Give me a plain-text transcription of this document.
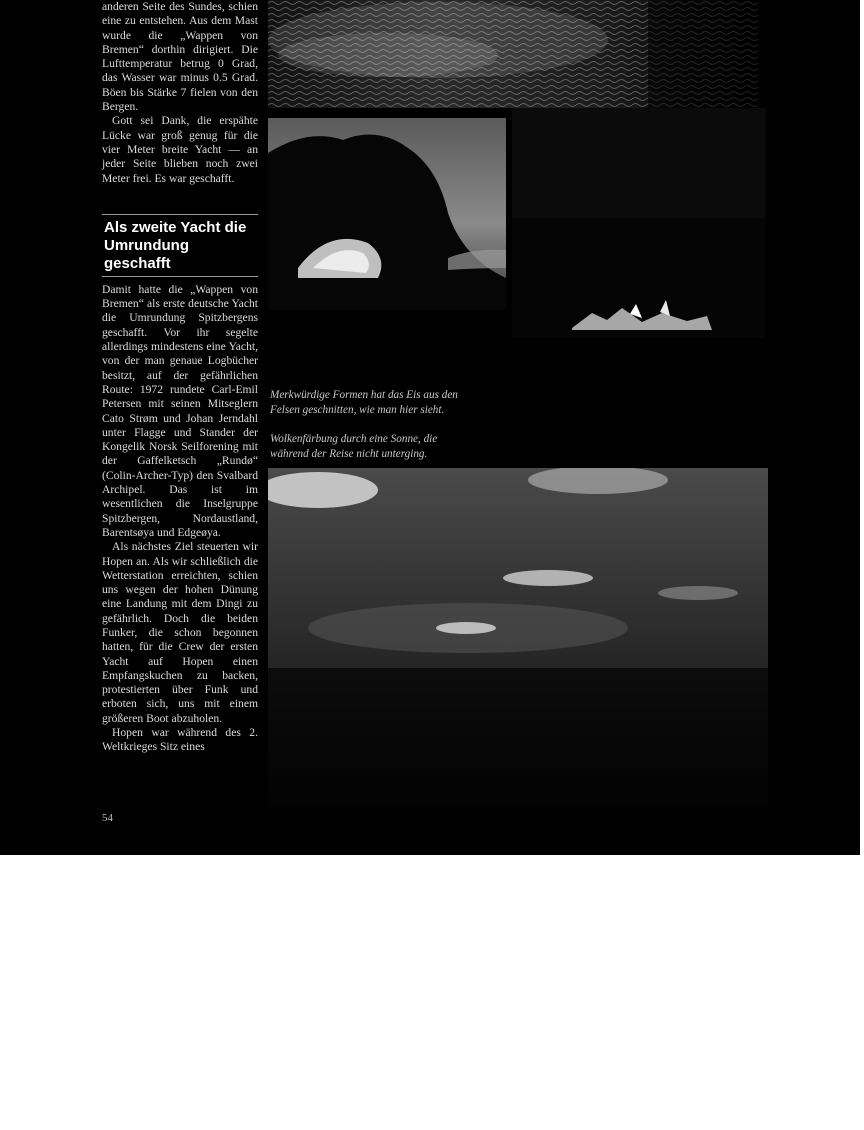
anderen Seite des Sundes, schien eine zu entstehen. Aus dem Mast wurde die „Wappen von Bremen“ dorthin dirigiert. Die Lufttemperatur betrug 0 Grad, das Wasser war minus 0.5 Grad. Böen bis Stärke 7 fielen von den Bergen.

Gott sei Dank, die erspähte Lücke war groß genug für die vier Meter breite Yacht — an jeder Seite blieben noch zwei Meter frei. Es war geschafft.

Als zweite Yacht die
Umrundung geschafft

Damit hatte die „Wappen von Bremen“ als erste deutsche Yacht die Umrundung Spitzbergens geschafft. Vor ihr segelte allerdings mindestens eine Yacht, von der man genaue Logbücher besitzt, auf der gefährlichen Route: 1972 rundete Carl-Emil Petersen mit seinen Mitseglern Cato Strøm und Johan Jerndahl unter Flagge und Stander der Kongelik Norsk Seilforening mit der Gaffelketsch „Rundø“ (Colin-Archer-Typ) den Svalbard Archipel. Das ist im wesentlichen die Inselgruppe Spitzbergen, Nordaustland, Barentsøya und Edgeøya.

Als nächstes Ziel steuerten wir Hopen an. Als wir schließlich die Wetterstation erreichten, schien uns wegen der hohen Dünung eine Landung mit dem Dingi zu gefährlich. Doch die beiden Funker, die schon begonnen hatten, für die Crew der ersten Yacht auf Hopen einen Empfangskuchen zu backen, protestierten über Funk und erboten sich, uns mit einem größeren Boot abzuholen.

Hopen war während des 2. Weltkrieges Sitz eines

54

Merkwürdige Formen hat das Eis aus den

Felsen geschnitten, wie man hier sieht.

Wolkenfärbung durch eine Sonne, die

während der Reise nicht unterging.
